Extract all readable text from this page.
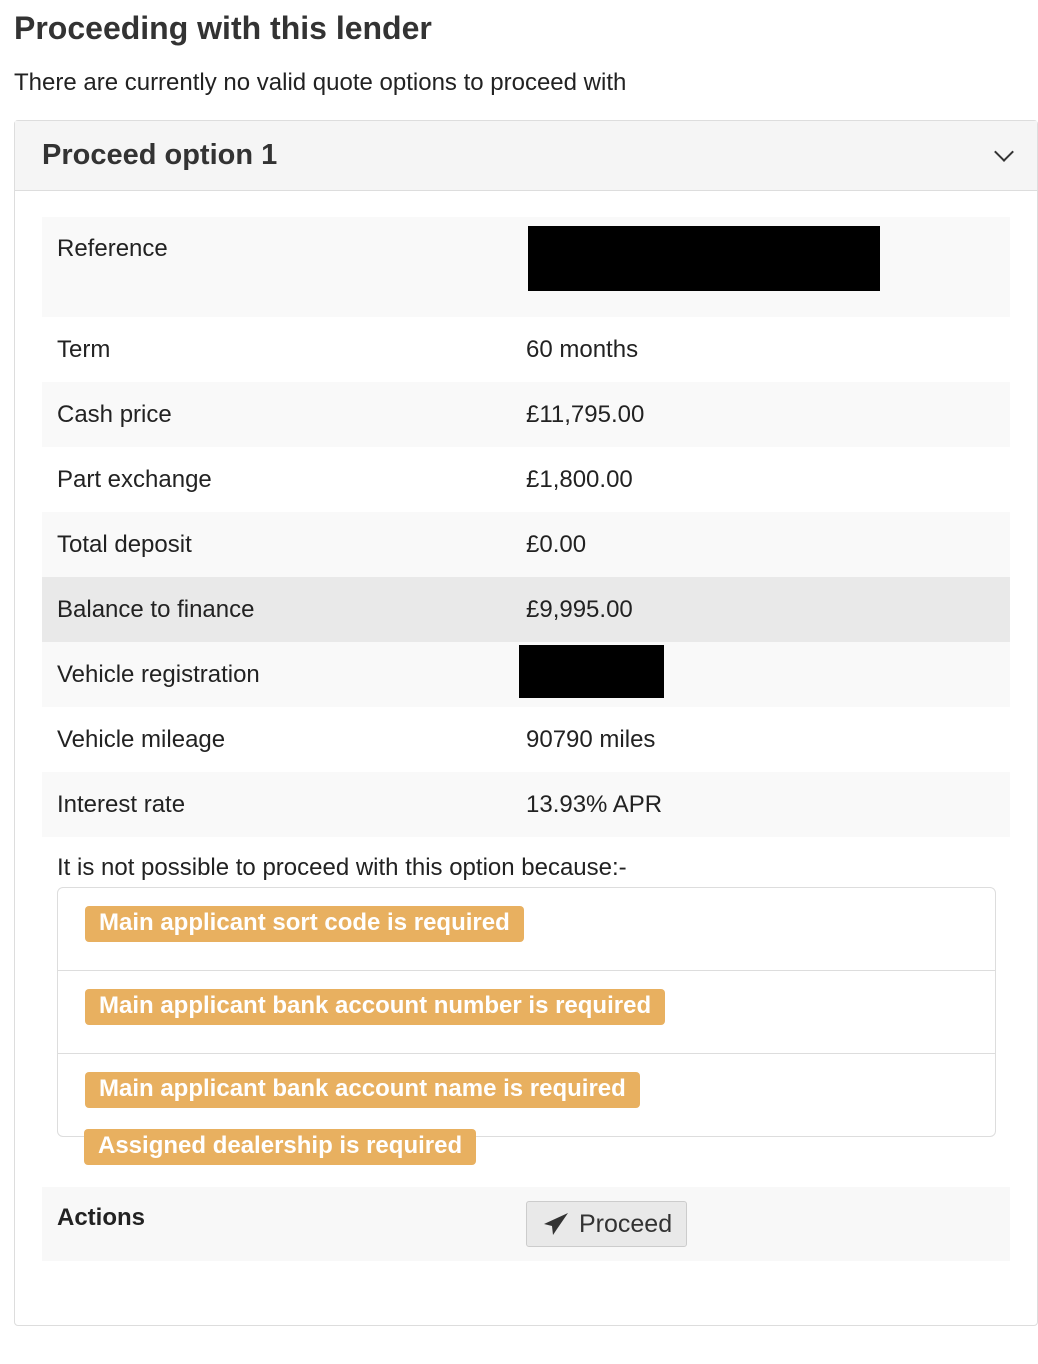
Proceeding with this lender

There are currently no valid quote options to proceed with

Proceed option 1
Reference
Term	60 months
Cash price	£11,795.00
Part exchange	£1,800.00
Total deposit	£0.00
Balance to finance	£9,995.00
Vehicle registration
Vehicle mileage	90790 miles
Interest rate	13.93% APR

It is not possible to proceed with this option because:-

Main applicant sort code is required
Main applicant bank account number is required
Main applicant bank account name is required
Assigned dealership is required
Actions	Proceed
